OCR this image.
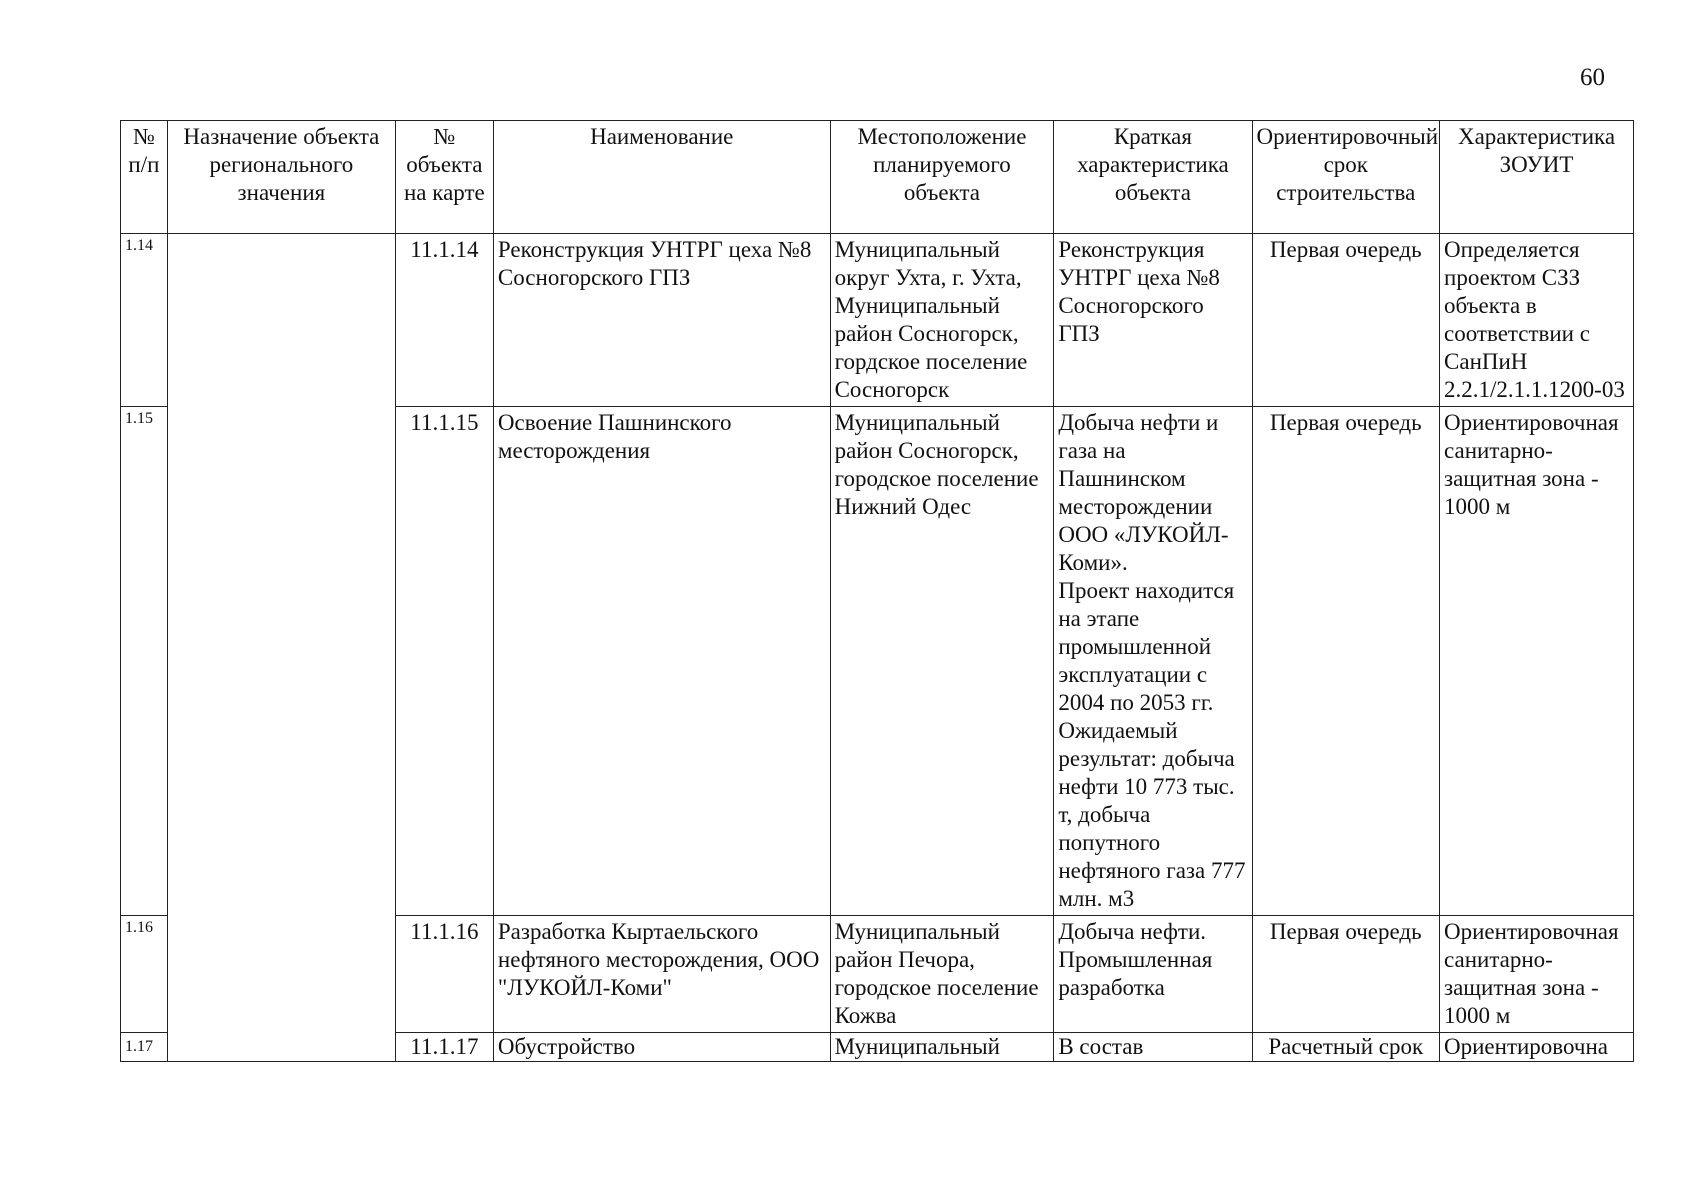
60
№ п/п	Назначение объекта регионального значения	№ объекта на карте	Наименование	Местоположение планируемого объекта	Краткая характеристика объекта	Ориентировочный срок строительства	Характеристика ЗОУИТ
1.14		11.1.14	Реконструкция УНТРГ цеха №8 Сосногорского ГПЗ	Муниципальный округ Ухта, г. Ухта, Муниципальный район Сосногорск, гордское поселение Сосногорск	Реконструкция УНТРГ цеха №8 Сосногорского ГПЗ	Первая очередь	Определяется проектом СЗЗ объекта в соответствии с СанПиН 2.2.1/2.1.1.1200-03
1.15		11.1.15	Освоение Пашнинского месторождения	Муниципальный район Сосногорск, городское поселение Нижний Одес	Добыча нефти и газа на Пашнинском месторождении ООО «ЛУКОЙЛ-Коми».
Проект находится на этапе промышленной эксплуатации с 2004 по 2053 гг.
Ожидаемый результат: добыча нефти 10 773 тыс. т, добыча попутного нефтяного газа 777 млн. м3	Первая очередь	Ориентировочная санитарно-защитная зона - 1000 м
1.16		11.1.16	Разработка Кыртаельского нефтяного месторождения, ООО "ЛУКОЙЛ-Коми"	Муниципальный район Печора, городское поселение Кожва	Добыча нефти. Промышленная разработка	Первая очередь	Ориентировочная санитарно-защитная зона - 1000 м
1.17		11.1.17	Обустройство	Муниципальный	В состав	Расчетный срок	Ориентировочна
